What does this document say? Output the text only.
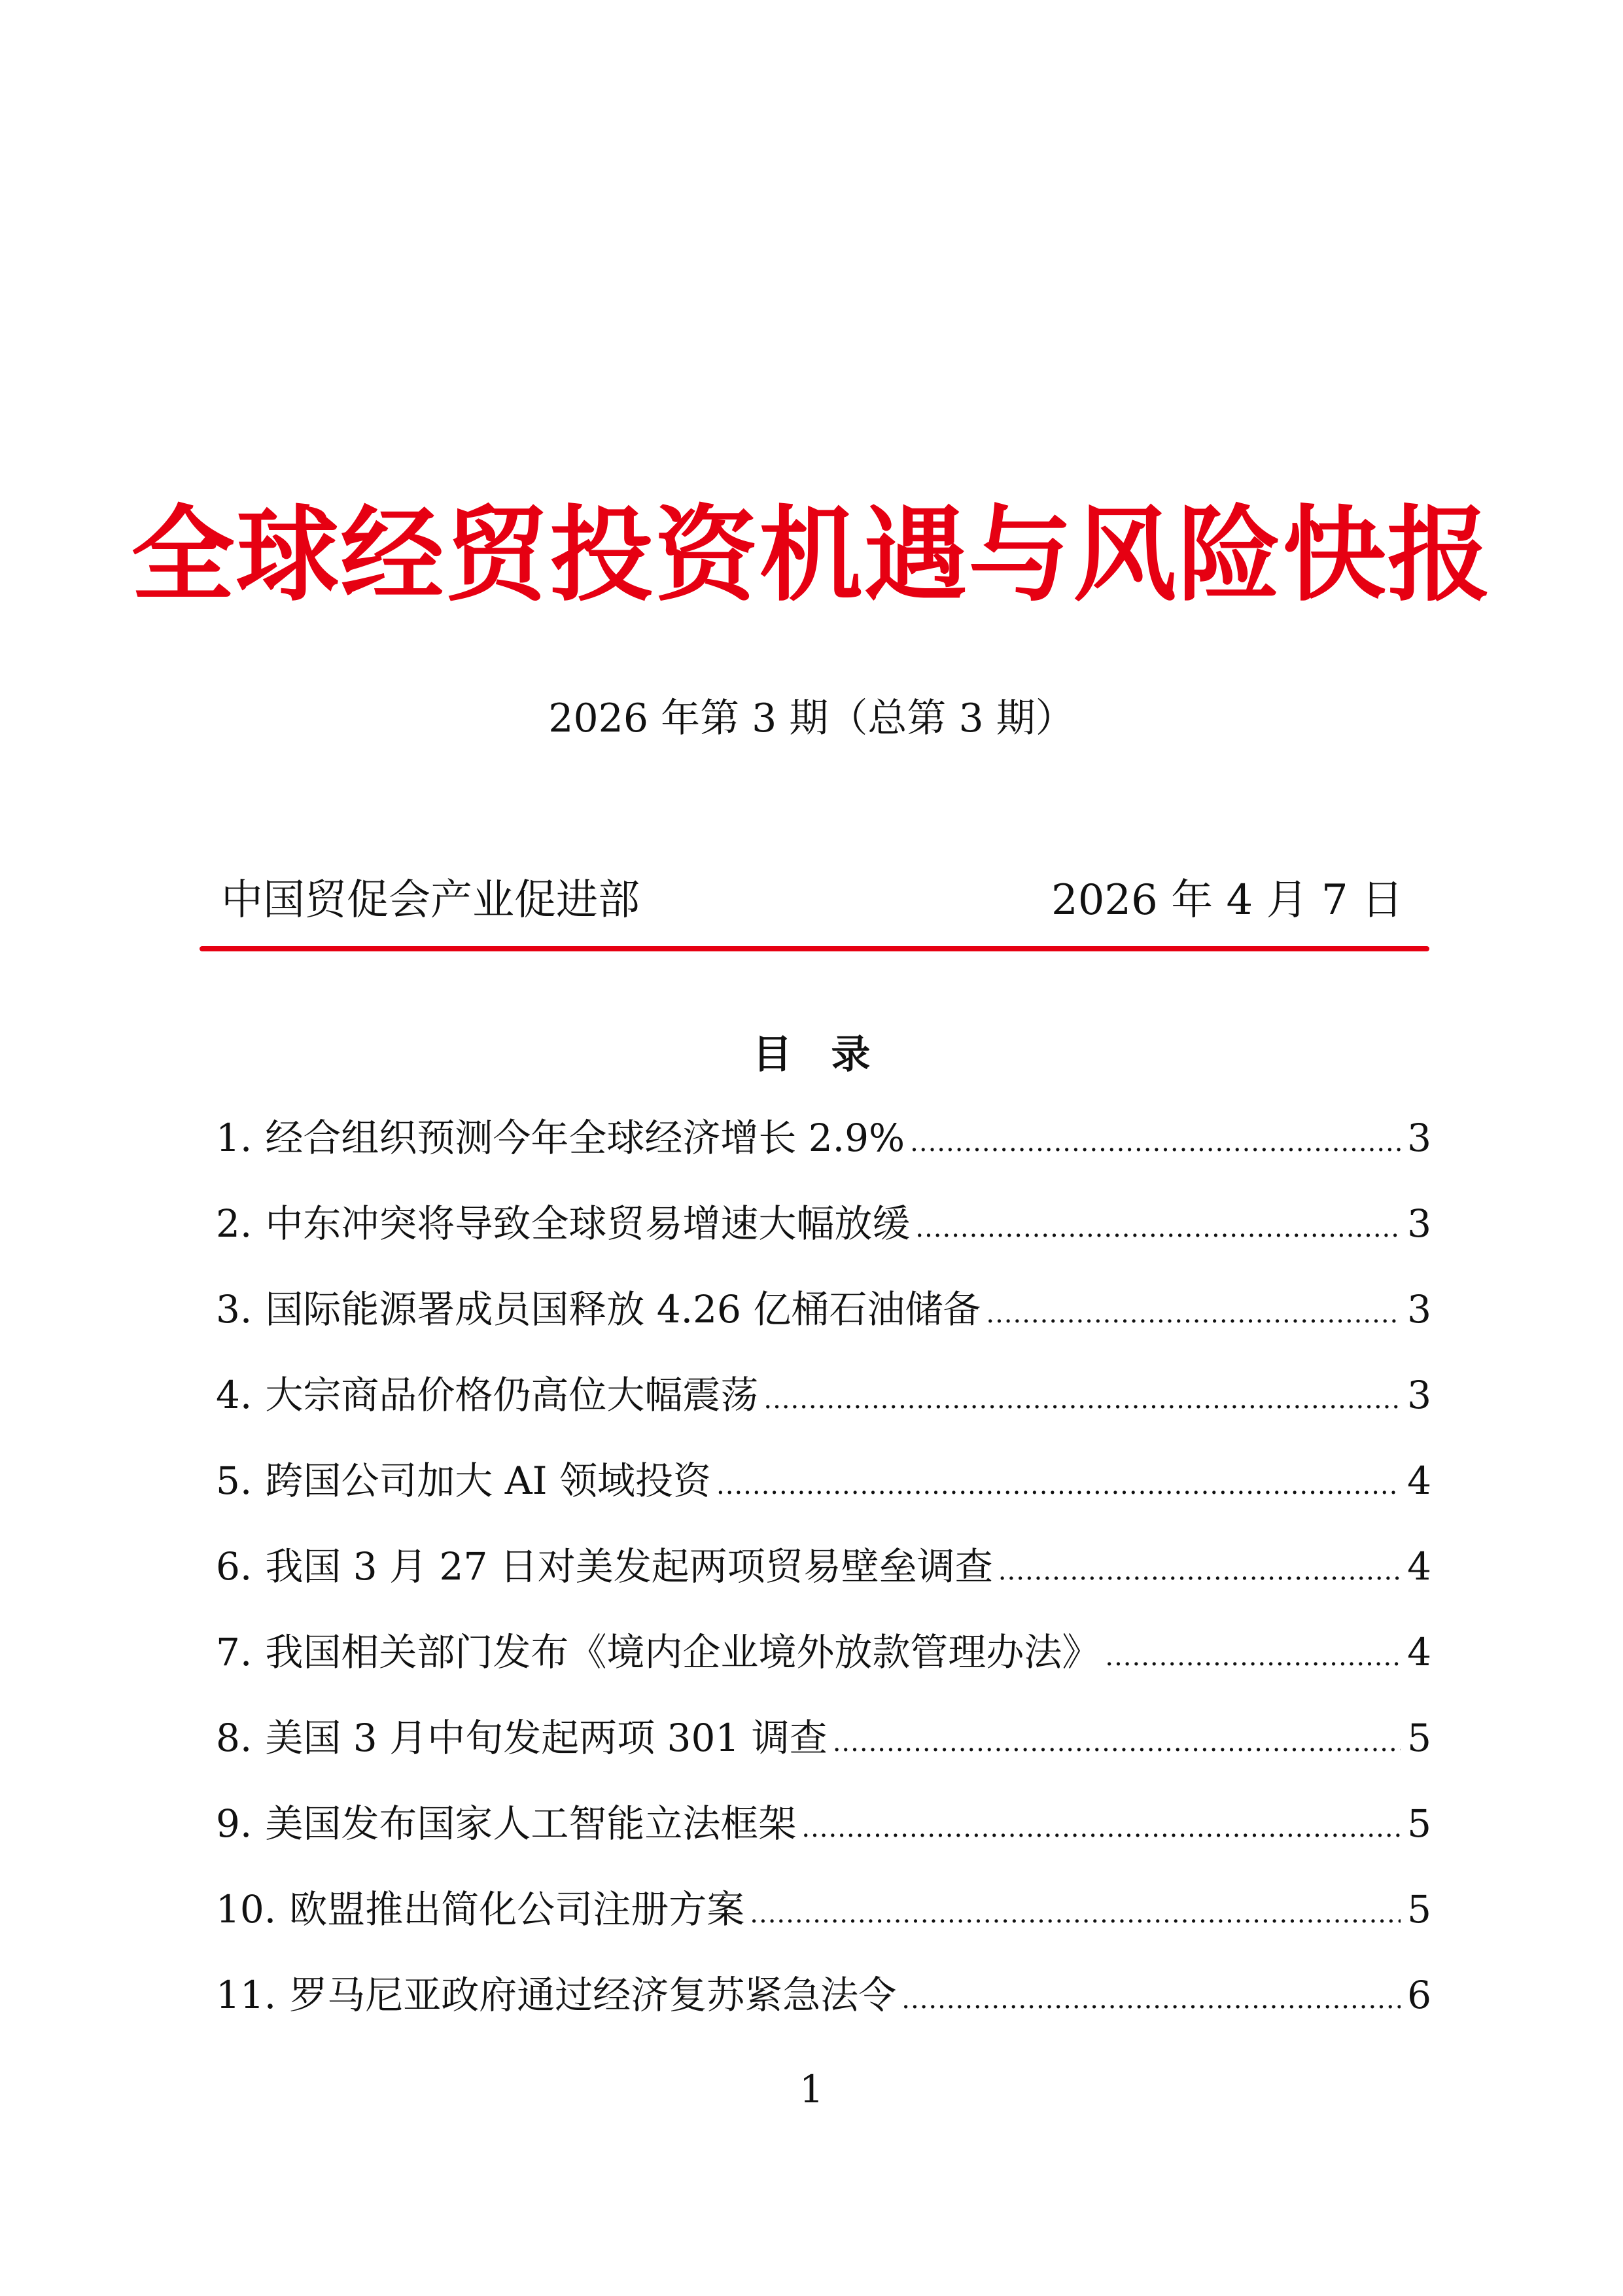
全球经贸投资机遇与风险快报
2026 年第 3 期（总第 3 期）
中国贸促会产业促进部	2026 年 4 月 7 日
目录
1. 经合组织预测今年全球经济增长 2.9% .....	3
2. 中东冲突将导致全球贸易增速大幅放缓 .....	3
3. 国际能源署成员国释放 4.26 亿桶石油储备 .....	3
4. 大宗商品价格仍高位大幅震荡 .....	3
5. 跨国公司加大 AI 领域投资 .....	4
6. 我国 3 月 27 日对美发起两项贸易壁垒调查 .....	4
7. 我国相关部门发布《境内企业境外放款管理办法》 .....	4
8. 美国 3 月中旬发起两项 301 调查 .....	5
9. 美国发布国家人工智能立法框架 .....	5
10. 欧盟推出简化公司注册方案 .....	5
11. 罗马尼亚政府通过经济复苏紧急法令 .....	6
1
